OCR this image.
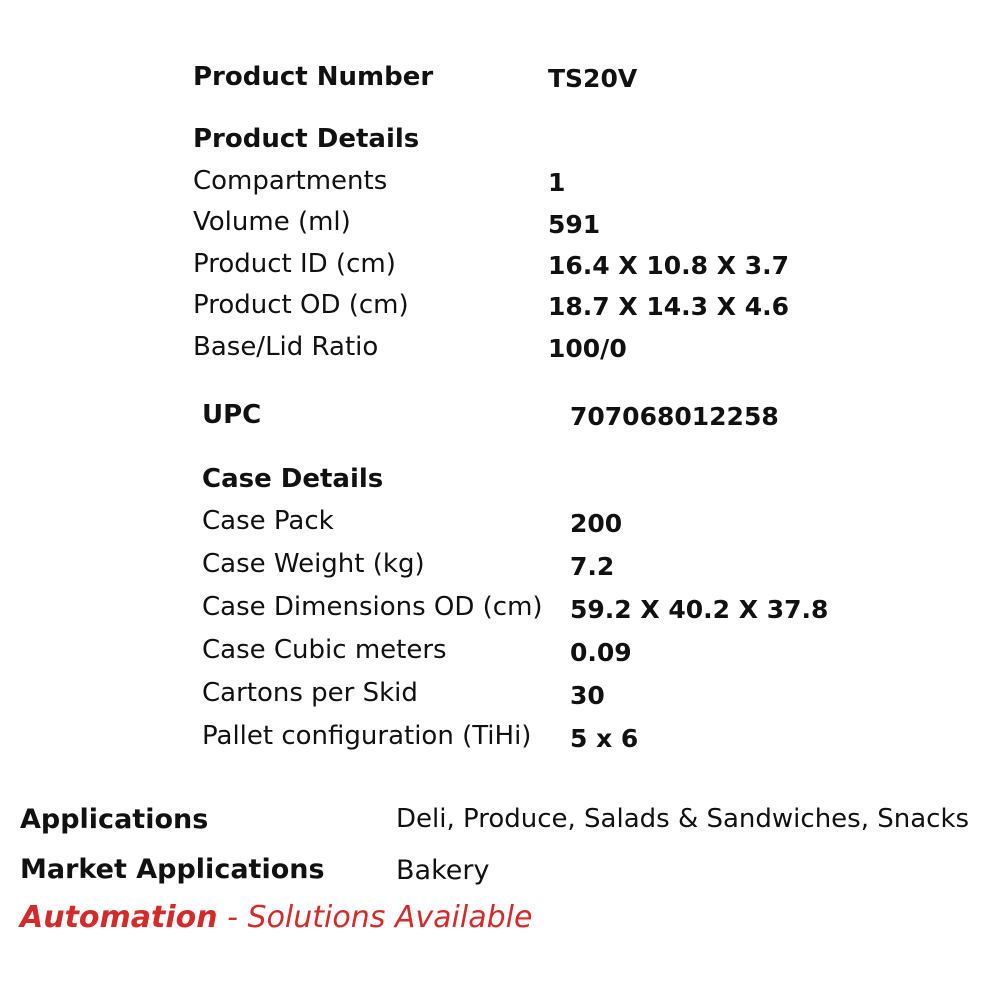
Product Number	TS20V
Product Details
Compartments	1
Volume (ml)	591
Product ID (cm)	16.4 X 10.8 X 3.7
Product OD (cm)	18.7 X 14.3 X 4.6
Base/Lid Ratio	100/0
UPC	707068012258
Case Details
Case Pack	200
Case Weight (kg)	7.2
Case Dimensions OD (cm) 59.2 X 40.2 X 37.8
Case Cubic meters	0.09
Cartons per Skid	30
Pallet configuration (TiHi) 5 x 6
Applications	Deli, Produce, Salads & Sandwiches, Snacks
Market Applications	Bakery
Automation - Solutions Available
